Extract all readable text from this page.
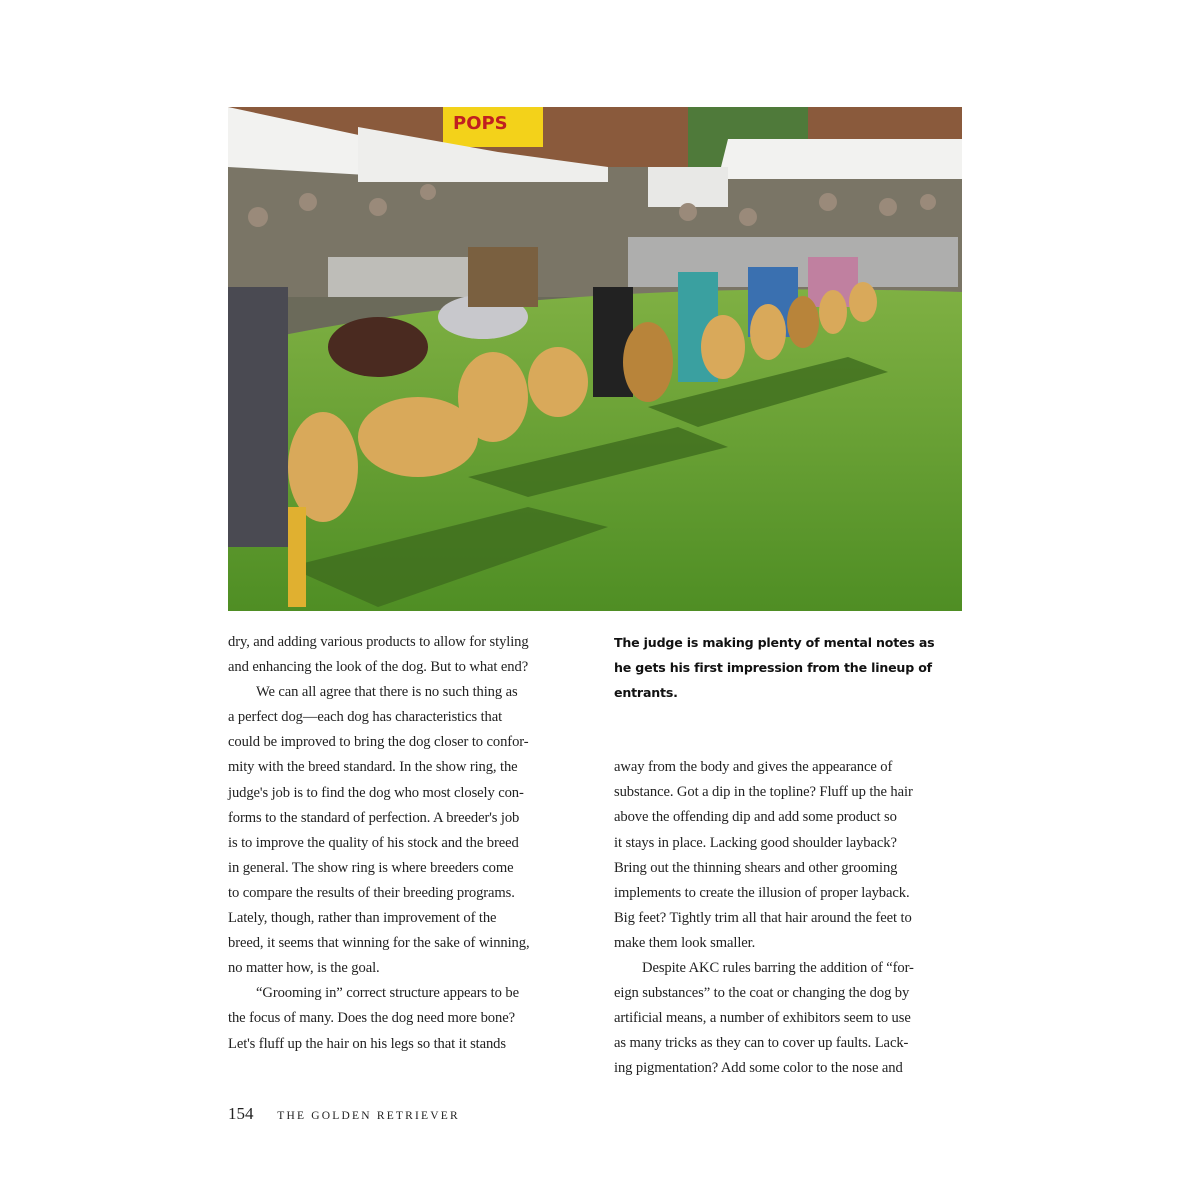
POPS
dry, and adding various products to allow for styling
and enhancing the look of the dog. But to what end?
We can all agree that there is no such thing as
a perfect dog—each dog has characteristics that
could be improved to bring the dog closer to confor-
mity with the breed standard. In the show ring, the
judge's job is to find the dog who most closely con-
forms to the standard of perfection. A breeder's job
is to improve the quality of his stock and the breed
in general. The show ring is where breeders come
to compare the results of their breeding programs.
Lately, though, rather than improvement of the
breed, it seems that winning for the sake of winning,
no matter how, is the goal.
“Grooming in” correct structure appears to be
the focus of many. Does the dog need more bone?
Let's fluff up the hair on his legs so that it stands
The judge is making plenty of mental notes as
he gets his first impression from the lineup of
entrants.
away from the body and gives the appearance of
substance. Got a dip in the topline? Fluff up the hair
above the offending dip and add some product so
it stays in place. Lacking good shoulder layback?
Bring out the thinning shears and other grooming
implements to create the illusion of proper layback.
Big feet? Tightly trim all that hair around the feet to
make them look smaller.
Despite AKC rules barring the addition of “for-
eign substances” to the coat or changing the dog by
artificial means, a number of exhibitors seem to use
as many tricks as they can to cover up faults. Lack-
ing pigmentation? Add some color to the nose and
154 THE GOLDEN RETRIEVER
